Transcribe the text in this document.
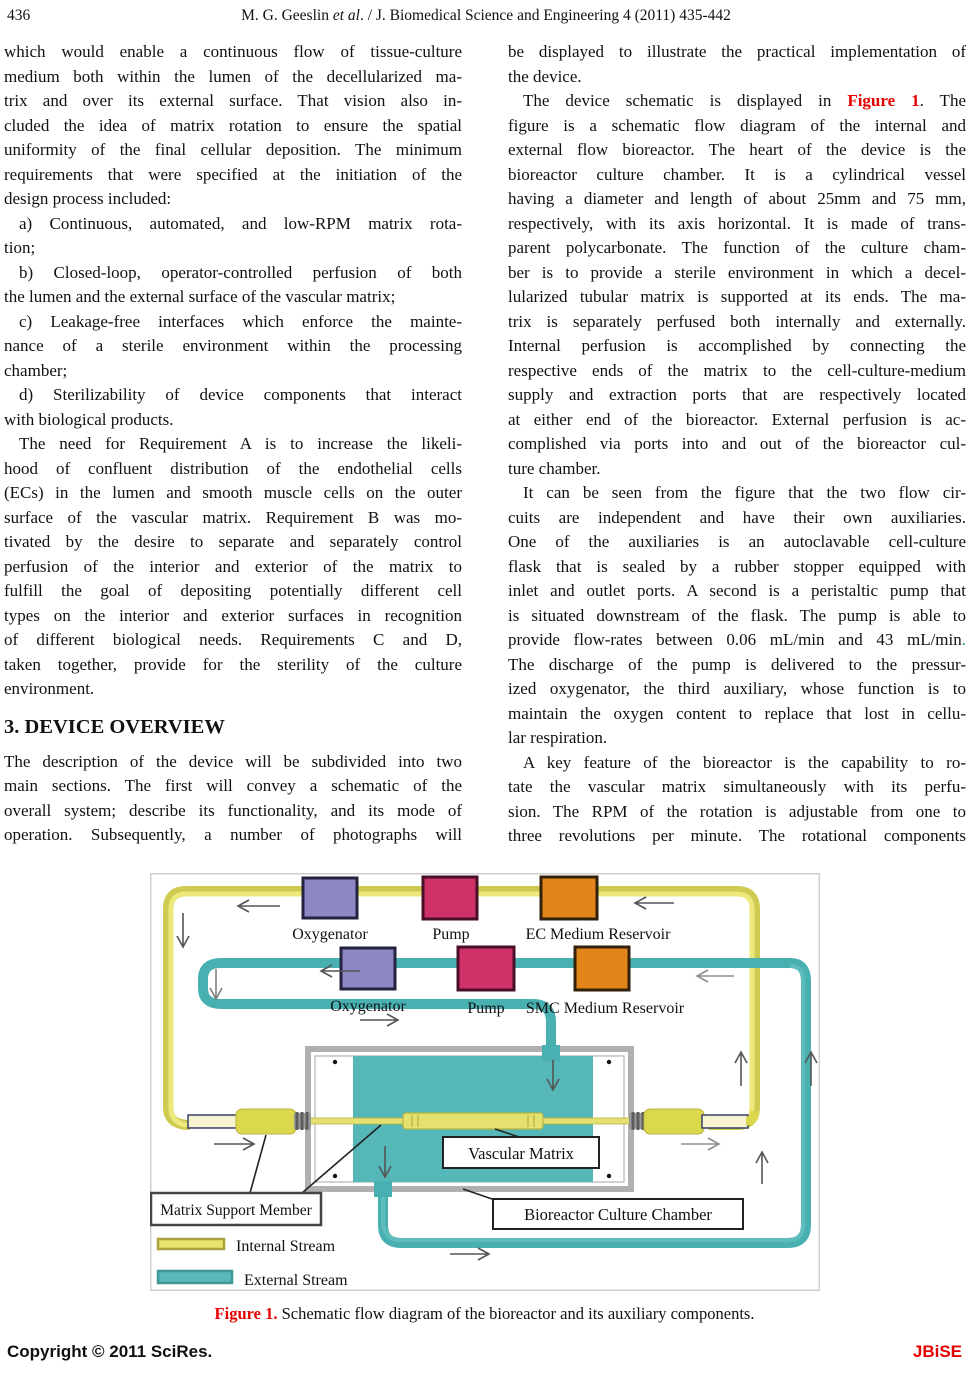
436	M. G. Geeslin et al. / J. Biomedical Science and Engineering 4 (2011) 435-442
which would enable a continuous flow of tissue-culture
medium both within the lumen of the decellularized ma-
trix and over its external surface. That vision also in-
cluded the idea of matrix rotation to ensure the spatial
uniformity of the final cellular deposition. The minimum
requirements that were specified at the initiation of the
design process included:
a) Continuous, automated, and low-RPM matrix rota-
tion;
b) Closed-loop, operator-controlled perfusion of both
the lumen and the external surface of the vascular matrix;
c) Leakage-free interfaces which enforce the mainte-
nance of a sterile environment within the processing
chamber;
d) Sterilizability of device components that interact
with biological products.
The need for Requirement A is to increase the likeli-
hood of confluent distribution of the endothelial cells
(ECs) in the lumen and smooth muscle cells on the outer
surface of the vascular matrix. Requirement B was mo-
tivated by the desire to separate and separately control
perfusion of the interior and exterior of the matrix to
fulfill the goal of depositing potentially different cell
types on the interior and exterior surfaces in recognition
of different biological needs. Requirements C and D,
taken together, provide for the sterility of the culture
environment.
3. DEVICE OVERVIEW
The description of the device will be subdivided into two
main sections. The first will convey a schematic of the
overall system; describe its functionality, and its mode of
operation. Subsequently, a number of photographs will
be displayed to illustrate the practical implementation of
the device.
The device schematic is displayed in Figure 1. The
figure is a schematic flow diagram of the internal and
external flow bioreactor. The heart of the device is the
bioreactor culture chamber. It is a cylindrical vessel
having a diameter and length of about 25mm and 75 mm,
respectively, with its axis horizontal. It is made of trans-
parent polycarbonate. The function of the culture cham-
ber is to provide a sterile environment in which a decel-
lularized tubular matrix is supported at its ends. The ma-
trix is separately perfused both internally and externally.
Internal perfusion is accomplished by connecting the
respective ends of the matrix to the cell-culture-medium
supply and extraction ports that are respectively located
at either end of the bioreactor. External perfusion is ac-
complished via ports into and out of the bioreactor cul-
ture chamber.
It can be seen from the figure that the two flow cir-
cuits are independent and have their own auxiliaries.
One of the auxiliaries is an autoclavable cell-culture
flask that is sealed by a rubber stopper equipped with
inlet and outlet ports. A second is a peristaltic pump that
is situated downstream of the flask. The pump is able to
provide flow-rates between 0.06 mL/min and 43 mL/min.
The discharge of the pump is delivered to the pressur-
ized oxygenator, the third auxiliary, whose function is to
maintain the oxygen content to replace that lost in cellu-
lar respiration.
A key feature of the bioreactor is the capability to ro-
tate the vascular matrix simultaneously with its perfu-
sion. The RPM of the rotation is adjustable from one to
three revolutions per minute. The rotational components
Oxygenator	Pump	EC Medium Reservoir
Oxygenator	Pump SMC Medium Reservoir
Vascular Matrix
Matrix Support Member	Bioreactor Culture Chamber
Internal Stream
External Stream
Figure 1. Schematic flow diagram of the bioreactor and its auxiliary components.
Copyright © 2011 SciRes.	JBiSE
